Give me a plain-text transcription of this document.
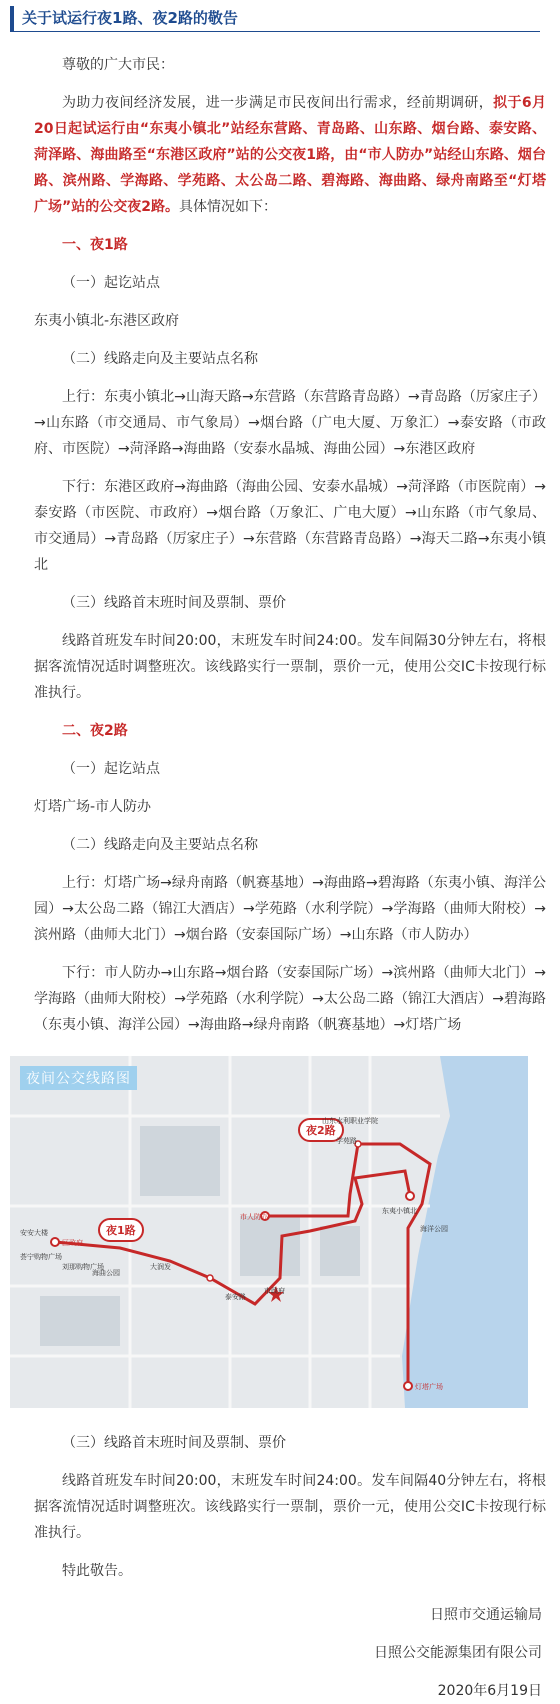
关于试运行夜1路、夜2路的敬告

尊敬的广大市民：

为助力夜间经济发展，进一步满足市民夜间出行需求，经前期调研，拟于6月20日起试运行由“东夷小镇北”站经东营路、青岛路、山东路、烟台路、泰安路、菏泽路、海曲路至“东港区政府”站的公交夜1路，由“市人防办”站经山东路、烟台路、滨州路、学海路、学苑路、太公岛二路、碧海路、海曲路、绿舟南路至“灯塔广场”站的公交夜2路。具体情况如下：

一、夜1路

（一）起讫站点

东夷小镇北-东港区政府

（二）线路走向及主要站点名称

上行：东夷小镇北→山海天路→东营路（东营路青岛路）→青岛路（厉家庄子）→山东路（市交通局、市气象局）→烟台路（广电大厦、万象汇）→泰安路（市政府、市医院）→菏泽路→海曲路（安泰水晶城、海曲公园）→东港区政府

下行：东港区政府→海曲路（海曲公园、安泰水晶城）→菏泽路（市医院南）→泰安路（市医院、市政府）→烟台路（万象汇、广电大厦）→山东路（市气象局、市交通局）→青岛路（厉家庄子）→东营路（东营路青岛路）→海天二路→东夷小镇北

（三）线路首末班时间及票制、票价

线路首班发车时间20:00，末班发车时间24:00。发车间隔30分钟左右，将根据客流情况适时调整班次。该线路实行一票制，票价一元，使用公交IC卡按现行标准执行。

二、夜2路

（一）起讫站点

灯塔广场-市人防办

（二）线路走向及主要站点名称

上行：灯塔广场→绿舟南路（帆赛基地）→海曲路→碧海路（东夷小镇、海洋公园）→太公岛二路（锦江大酒店）→学苑路（水利学院）→学海路（曲师大附校）→滨州路（曲师大北门）→烟台路（安泰国际广场）→山东路（市人防办）

下行：市人防办→山东路→烟台路（安泰国际广场）→滨州路（曲师大北门）→学海路（曲师大附校）→学苑路（水利学院）→太公岛二路（锦江大酒店）→碧海路（东夷小镇、海洋公园）→海曲路→绿舟南路（帆赛基地）→灯塔广场

夜间公交线路图
夜1路
夜2路
区政府
安安大楼
荟宁购物广场
刘那购物广场
海曲公园
大润发
市人防办
灯塔广场
山东水利职业学院
学苑路
东夷小镇北
海洋公园
市政府
泰安路

（三）线路首末班时间及票制、票价

线路首班发车时间20:00，末班发车时间24:00。发车间隔40分钟左右，将根据客流情况适时调整班次。该线路实行一票制，票价一元，使用公交IC卡按现行标准执行。

特此敬告。

日照市交通运输局

日照公交能源集团有限公司

2020年6月19日
